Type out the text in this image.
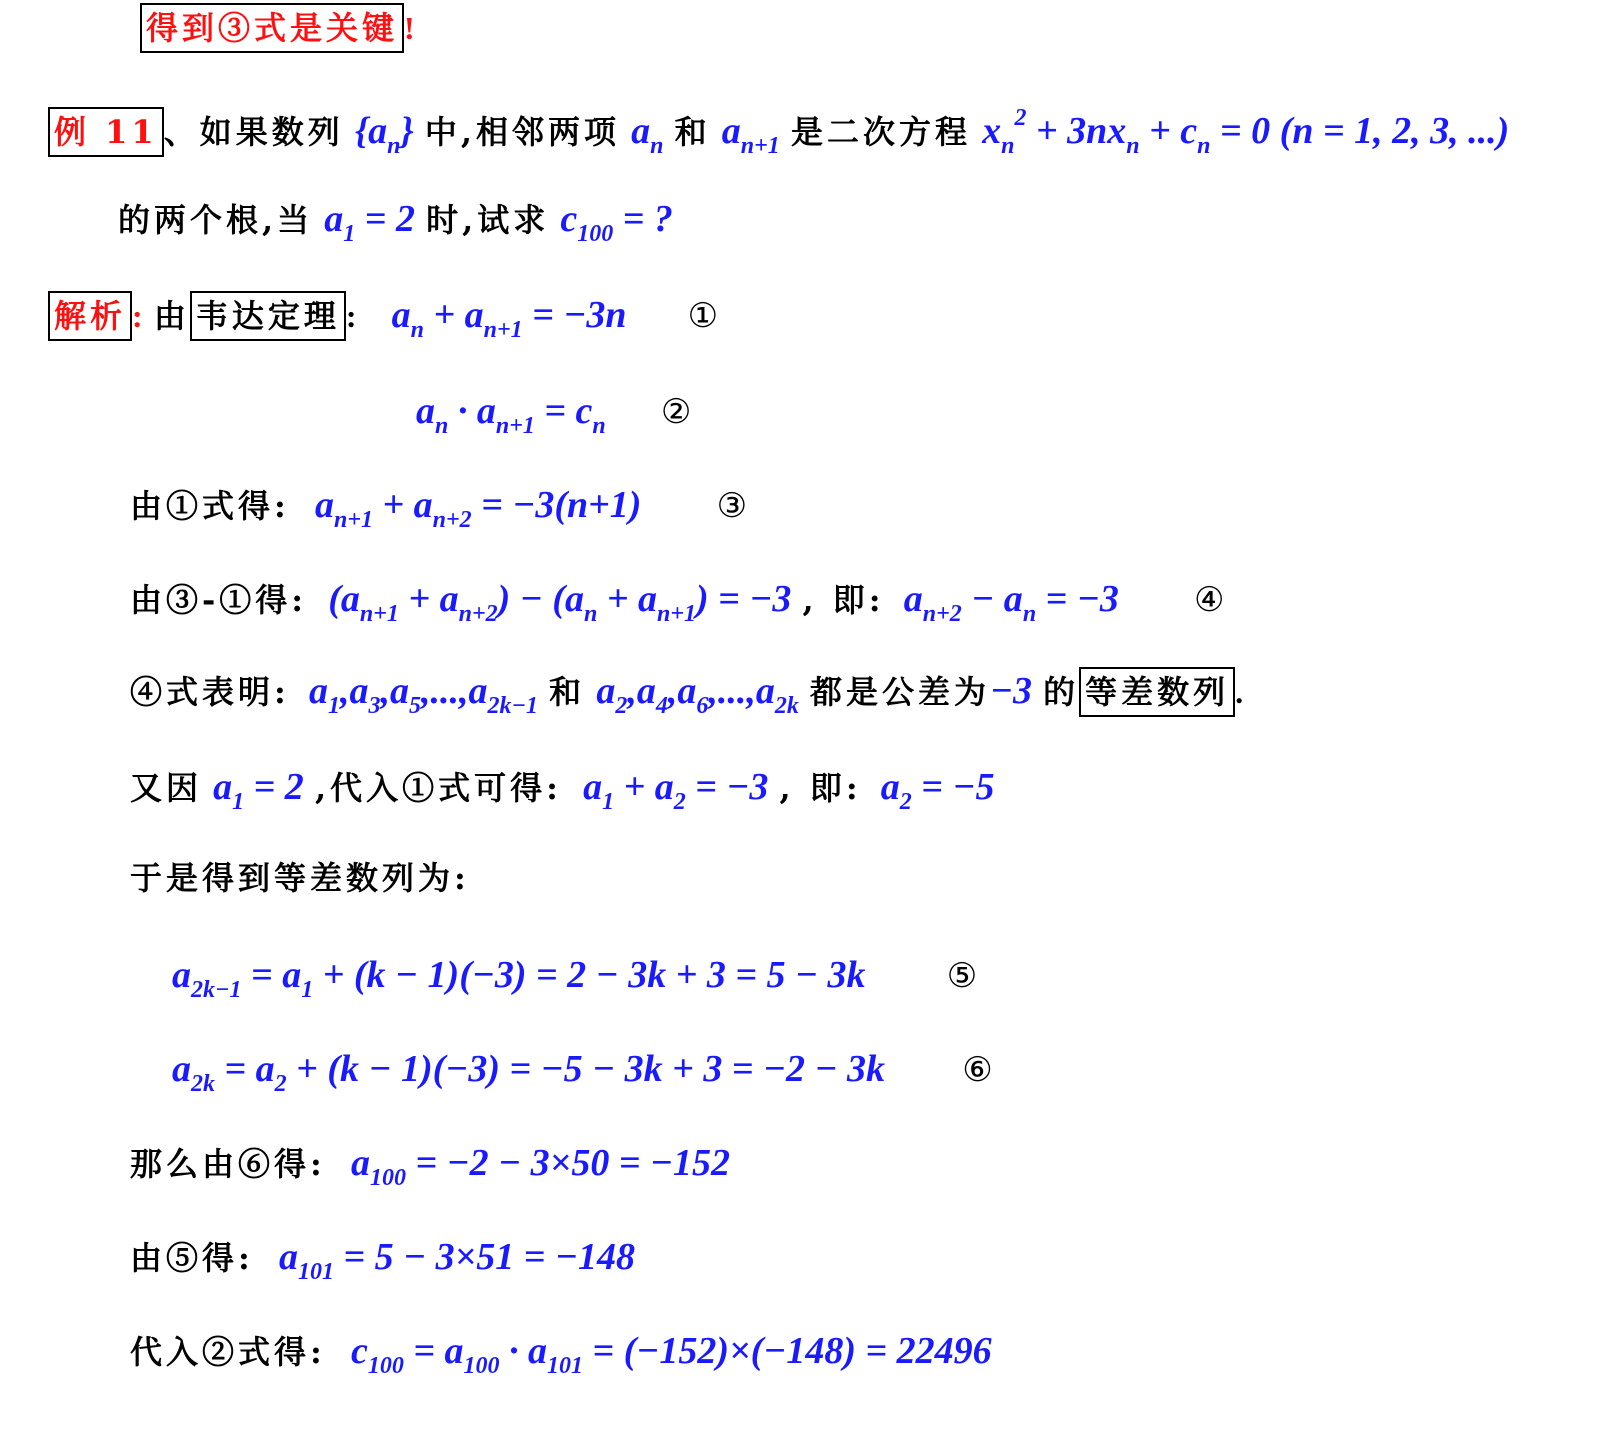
得到③式是关键 !
例 11 、如果数列 $\{a_n\}$ 中,相邻两项 $a_n$ 和 $a_{n+1}$ 是二次方程 $x_n^2 + 3nx_n + c_n = 0$ (n = 1, 2, 3, ...)
的两个根,当 $a_1 = 2$ 时,试求 $c_{100}$ = ?
解析 : 由 韦达定理 : $a_n + a_{n+1} = -3n$ ①
$a_n \cdot a_{n+1} = c_n$ ②
由①式得: $a_{n+1} + a_{n+2} = -3(n+1)$ ③
由③-①得: $(a_{n+1} + a_{n+2}) - (a_n + a_{n+1}) = -3$ , 即: $a_{n+2} - a_n = -3$ ④
④式表明: $a_1,a_3,a_5,...,a_{2k-1}$ 和 $a_2,a_4,a_6,...,a_{2k}$ 都是公差为−3 的 等差数列 .
又因 $a_1 = 2$ ,代入①式可得: $a_1 + a_2 = -3$ , 即: $a_2 = -5$
于是得到等差数列为:
$a_{2k-1} = a_1 + (k - 1)(-3) = 2 - 3k + 3 = 5 - 3k$ ⑤
$a_{2k} = a_2 + (k - 1)(-3) = -5 - 3k + 3 = -2 - 3k$ ⑥
那么由⑥得: $a_{100} = -2 - 3\times 50 = -152$
由⑤得: $a_{101} = 5 - 3\times 51 = -148$
代入②式得: $c_{100} = a_{100} \cdot a_{101} = (-152)\times(-148) = 22496$
